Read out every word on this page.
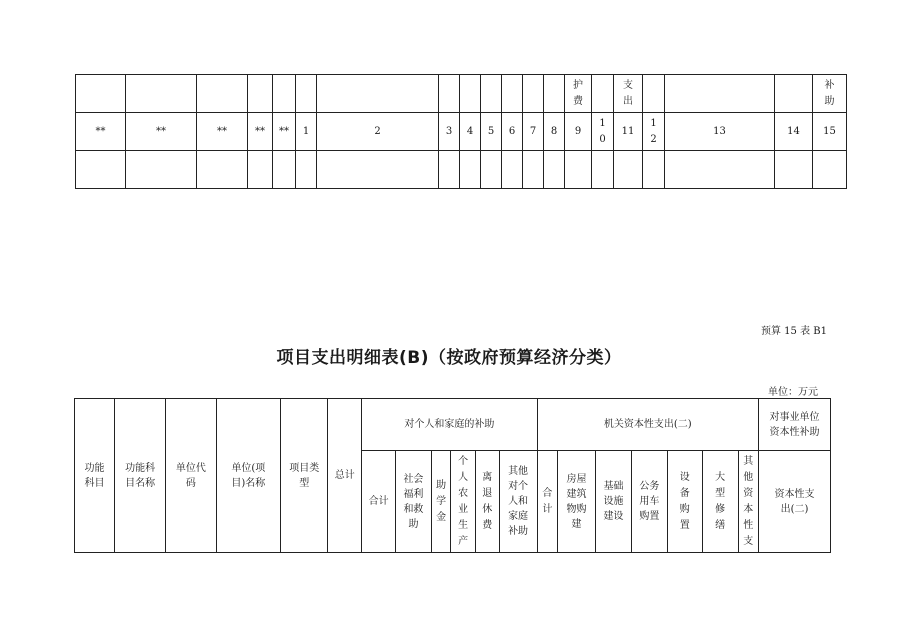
													护费		支出				补助
**	**	**	**	**	1	2	3	4	5	6	7	8	9	10	11	12	13	14	15

预算 15 表 B1
项目支出明细表(B)（按政府预算经济分类）
单位：万元
功能科目	功能科目名称	单位代码	单位(项目)名称	项目类型	总计	对个人和家庭的补助						机关资本性支出(二)							对事业单位资本性补助

						合计	社会福利和救助	助学金	个人农业生产	离退休费	其他对个人和家庭补助	合计	房屋建筑物购建	基础设施建设	公务用车购置	设备购置	大型修缮	其他资本性支	资本性支出(二)
